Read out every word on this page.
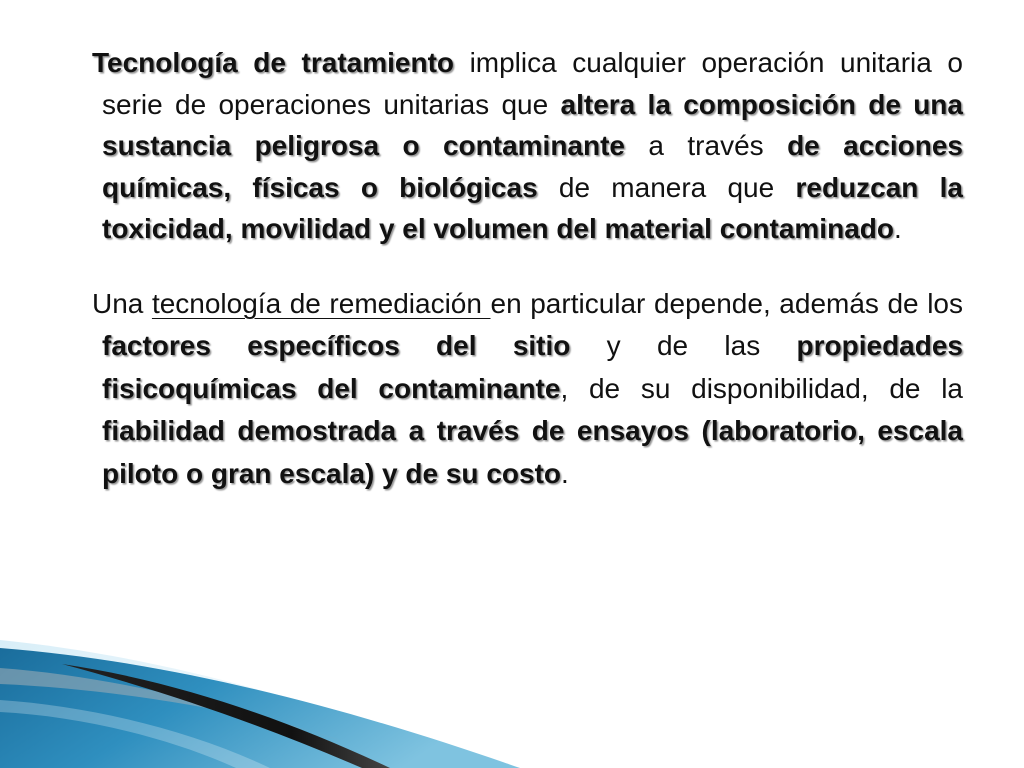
Tecnología de tratamiento implica cualquier operación unitaria o serie de operaciones unitarias que altera la composición de una sustancia peligrosa o contaminante a través de acciones químicas, físicas o biológicas de manera que reduzcan la toxicidad, movilidad y el volumen del material contaminado.

Una tecnología de remediación en particular depende, además de los factores específicos del sitio y de las propiedades fisicoquímicas del contaminante, de su disponibilidad, de la fiabilidad demostrada a través de ensayos (laboratorio, escala piloto o gran escala) y de su costo.
